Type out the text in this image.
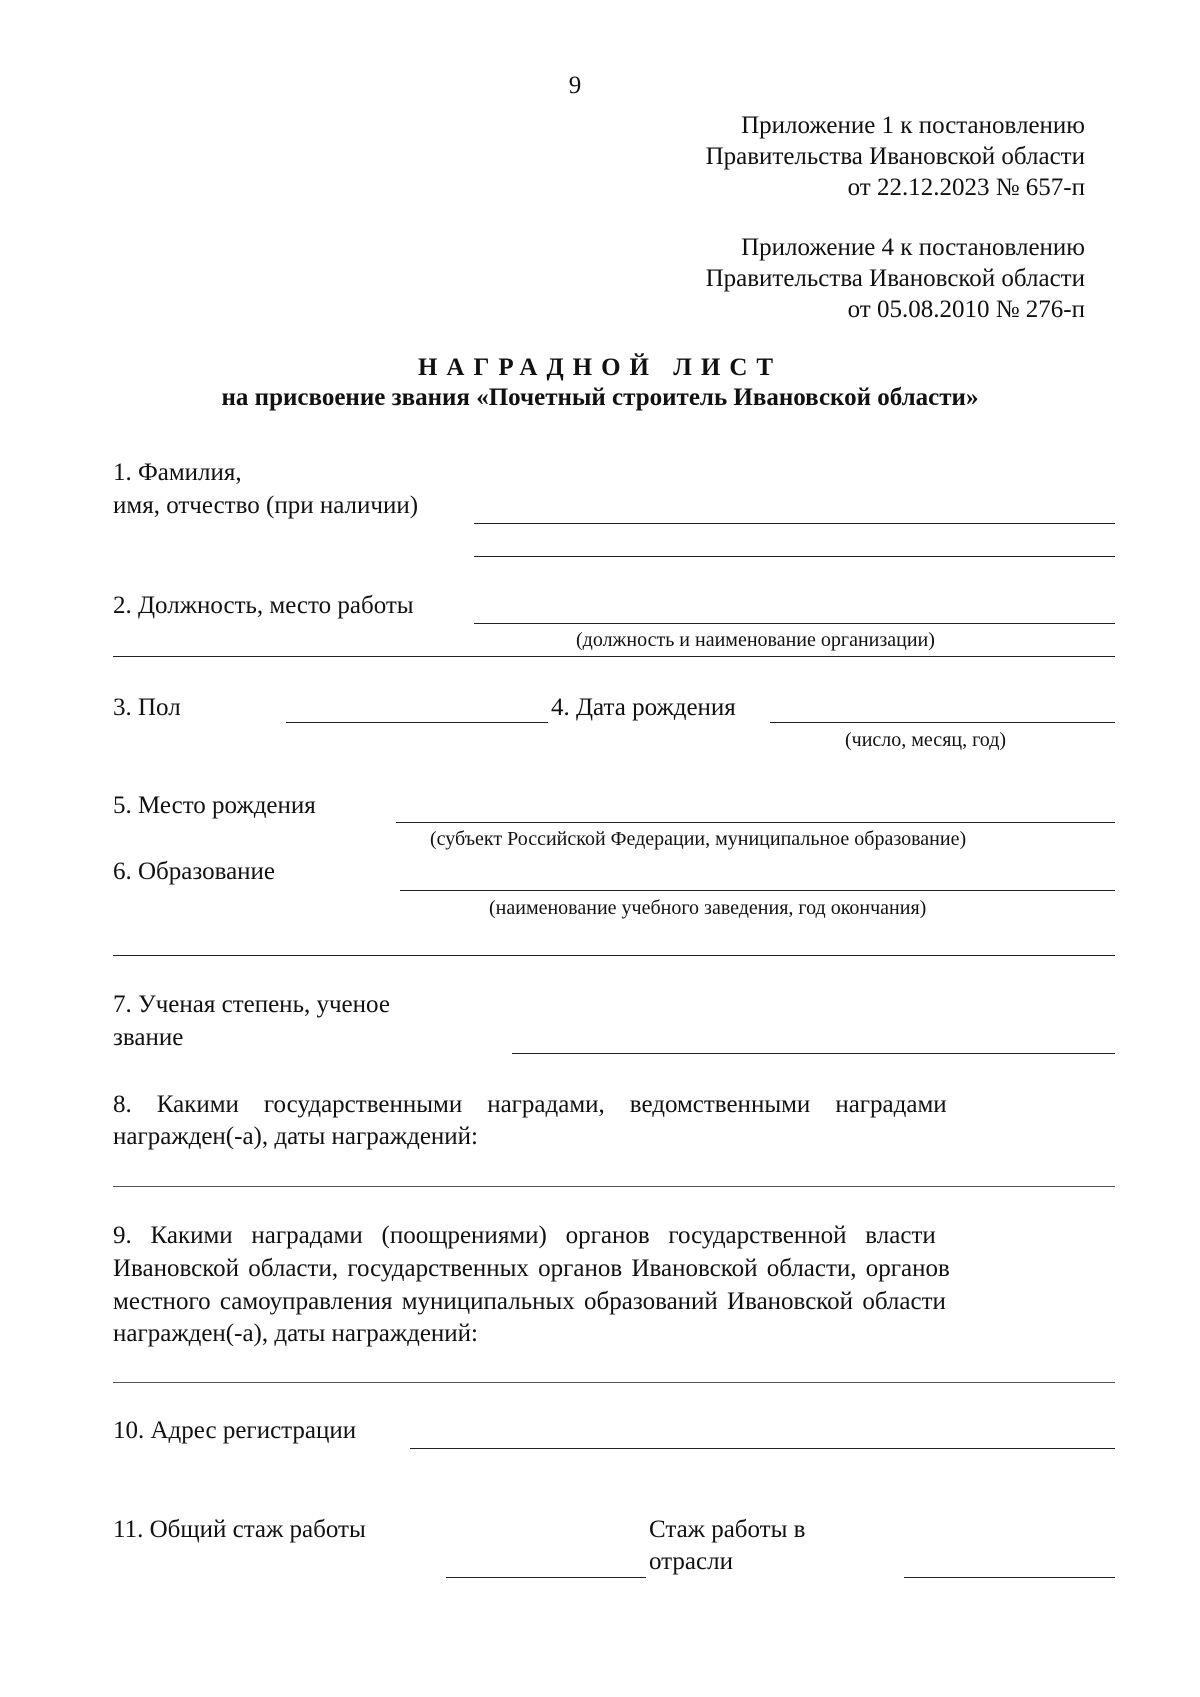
9
Приложение 1 к постановлению
Правительства Ивановской области
от 22.12.2023 № 657-п
Приложение 4 к постановлению
Правительства Ивановской области
от 05.08.2010 № 276-п
НАГРАДНОЙ ЛИСТ
на присвоение звания «Почетный строитель Ивановской области»
1. Фамилия,
имя, отчество (при наличии)
2. Должность, место работы
(должность и наименование организации)
3. Пол	4. Дата рождения
(число, месяц, год)
5. Место рождения
(субъект Российской Федерации, муниципальное образование)
6. Образование
(наименование учебного заведения, год окончания)
7. Ученая степень, ученое
звание
8.    Какими    государственными    наградами,    ведомственными    наградами
награжден(-а), даты награждений:
9.   Какими   наградами   (поощрениями)   органов   государственной   власти
Ивановской области, государственных органов Ивановской области, органов
местного самоуправления муниципальных образований Ивановской области
награжден(-а), даты награждений:
10. Адрес регистрации
11. Общий стаж работы	Стаж работы в
отрасли
